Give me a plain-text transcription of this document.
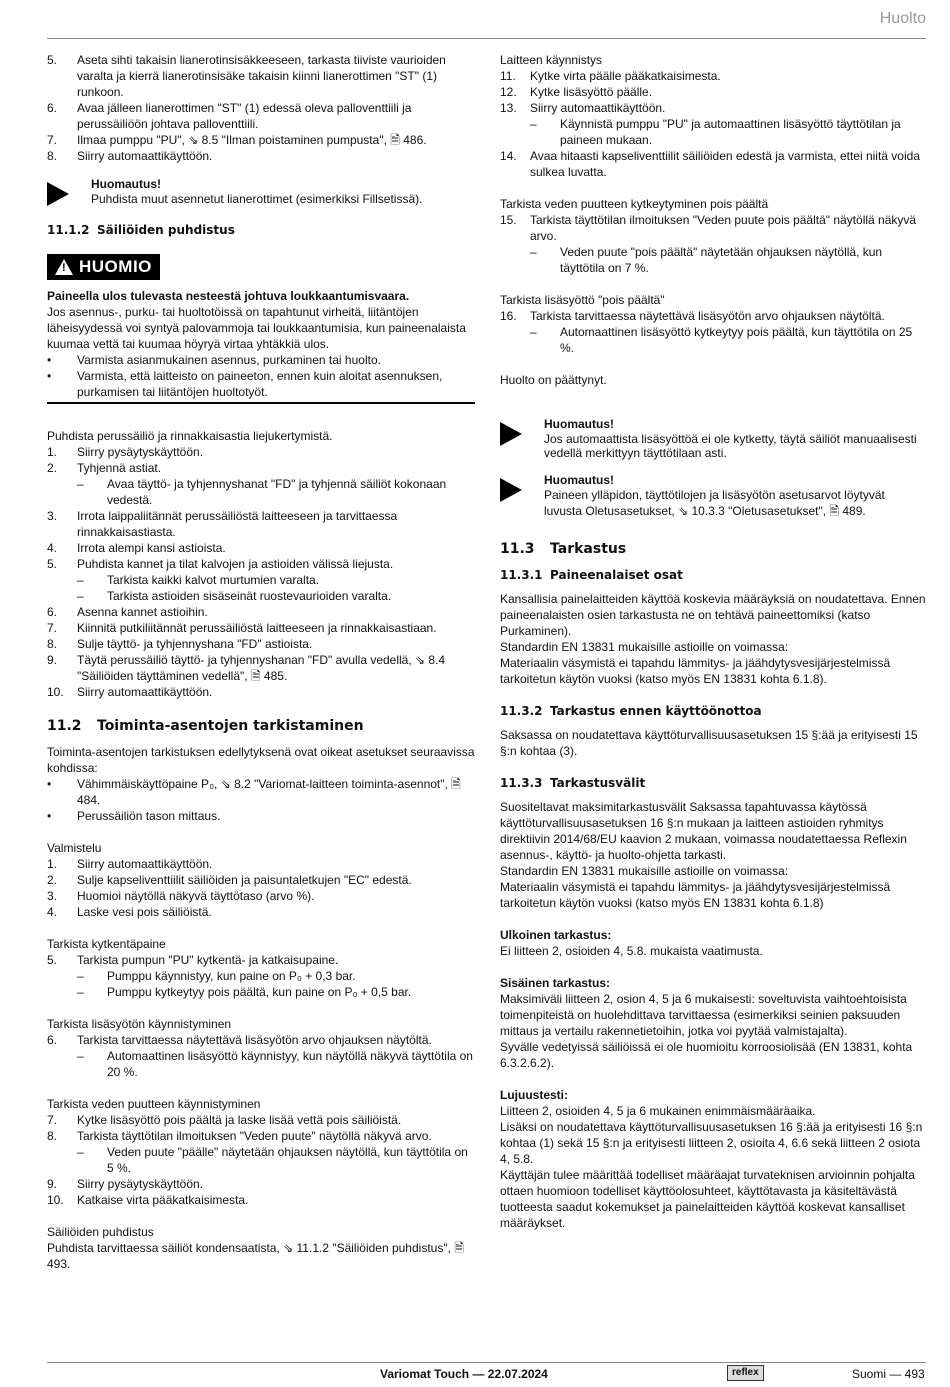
Huolto
5.	Aseta sihti takaisin lianerotinsisäkkeeseen, tarkasta tiiviste vaurioiden varalta ja kierrä lianerotinsisäke takaisin kiinni lianerottimen "ST" (1) runkoon.
6.	Avaa jälleen lianerottimen "ST" (1) edessä oleva palloventtiili ja perussäiliöön johtava palloventtiili.
7.	Ilmaa pumppu "PU", ⇘ 8.5 "Ilman poistaminen pumpusta", 🗎 486.
8.	Siirry automaattikäyttöön.
Huomautus!
Puhdista muut asennetut lianerottimet (esimerkiksi Fillsetissä).
11.1.2 Säiliöiden puhdistus
! HUOMIO

Paineella ulos tulevasta nesteestä johtuva loukkaantumisvaara.

Jos asennus-, purku- tai huoltotöissä on tapahtunut virheitä, liitäntöjen läheisyydessä voi syntyä palovammoja tai loukkaantumisia, kun paineenalaista kuumaa vettä tai kuumaa höyryä virtaa yhtäkkiä ulos.

•	Varmista asianmukainen asennus, purkaminen tai huolto.
•	Varmista, että laitteisto on paineeton, ennen kuin aloitat asennuksen, purkamisen tai liitäntöjen huoltotyöt.

Puhdista perussäiliö ja rinnakkaisastia liejukertymistä.

1.	Siirry pysäytyskäyttöön.
2.	Tyhjennä astiat.
–	Avaa täyttö- ja tyhjennyshanat "FD" ja tyhjennä säiliöt kokonaan vedestä.
3.	Irrota laippaliitännät perussäiliöstä laitteeseen ja tarvittaessa rinnakkaisastiasta.
4.	Irrota alempi kansi astioista.
5.	Puhdista kannet ja tilat kalvojen ja astioiden välissä liejusta.
–	Tarkista kaikki kalvot murtumien varalta.
–	Tarkista astioiden sisäseinät ruostevaurioiden varalta.
6.	Asenna kannet astioihin.
7.	Kiinnitä putkiliitännät perussäiliöstä laitteeseen ja rinnakkaisastiaan.
8.	Sulje täyttö- ja tyhjennyshana "FD" astioista.
9.	Täytä perussäiliö täyttö- ja tyhjennyshanan "FD" avulla vedellä, ⇘ 8.4 "Säiliöiden täyttäminen vedellä", 🗎 485.
10.	Siirry automaattikäyttöön.
11.2 Toiminta-asentojen tarkistaminen

Toiminta-asentojen tarkistuksen edellytyksenä ovat oikeat asetukset seuraavissa kohdissa:

•	Vähimmäiskäyttöpaine P₀, ⇘ 8.2 "Variomat-laitteen toiminta-asennot", 🗎 484.
•	Perussäiliön tason mittaus.

Valmistelu

1.	Siirry automaattikäyttöön.
2.	Sulje kapseliventtiilit säiliöiden ja paisuntaletkujen "EC" edestä.
3.	Huomioi näytöllä näkyvä täyttötaso (arvo %).
4.	Laske vesi pois säiliöistä.

Tarkista kytkentäpaine

5.	Tarkista pumpun "PU" kytkentä- ja katkaisupaine.
–	Pumppu käynnistyy, kun paine on P₀ + 0,3 bar.
–	Pumppu kytkeytyy pois päältä, kun paine on P₀ + 0,5 bar.

Tarkista lisäsyötön käynnistyminen

6.	Tarkista tarvittaessa näytettävä lisäsyötön arvo ohjauksen näytöltä.
–	Automaattinen lisäsyöttö käynnistyy, kun näytöllä näkyvä täyttötila on 20 %.

Tarkista veden puutteen käynnistyminen

7.	Kytke lisäsyöttö pois päältä ja laske lisää vettä pois säiliöistä.
8.	Tarkista täyttötilan ilmoituksen "Veden puute" näytöllä näkyvä arvo.
–	Veden puute "päälle" näytetään ohjauksen näytöllä, kun täyttötila on 5 %.
9.	Siirry pysäytyskäyttöön.
10.	Katkaise virta pääkatkaisimesta.

Säiliöiden puhdistus

Puhdista tarvittaessa säiliöt kondensaatista, ⇘ 11.1.2 "Säiliöiden puhdistus", 🗎 493.

Laitteen käynnistys

11.	Kytke virta päälle pääkatkaisimesta.
12.	Kytke lisäsyöttö päälle.
13.	Siirry automaattikäyttöön.
–	Käynnistä pumppu "PU" ja automaattinen lisäsyöttö täyttötilan ja paineen mukaan.
14.	Avaa hitaasti kapseliventtiilit säiliöiden edestä ja varmista, ettei niitä voida sulkea luvatta.

Tarkista veden puutteen kytkeytyminen pois päältä

15.	Tarkista täyttötilan ilmoituksen "Veden puute pois päältä" näytöllä näkyvä arvo.
–	Veden puute "pois päältä" näytetään ohjauksen näytöllä, kun täyttötila on 7 %.

Tarkista lisäsyöttö "pois päältä"

16.	Tarkista tarvittaessa näytettävä lisäsyötön arvo ohjauksen näytöltä.
–	Automaattinen lisäsyöttö kytkeytyy pois päältä, kun täyttötila on 25 %.

Huolto on päättynyt.

Huomautus!
Jos automaattista lisäsyöttöä ei ole kytketty, täytä säiliöt manuaalisesti vedellä merkittyyn täyttötilaan asti.
Huomautus!
Paineen ylläpidon, täyttötilojen ja lisäsyötön asetusarvot löytyvät luvusta Oletusasetukset, ⇘ 10.3.3 "Oletusasetukset", 🗎 489.
11.3 Tarkastus
11.3.1 Paineenalaiset osat

Kansallisia painelaitteiden käyttöä koskevia määräyksiä on noudatettava. Ennen paineenalaisten osien tarkastusta ne on tehtävä paineettomiksi (katso Purkaminen).

Standardin EN 13831 mukaisille astioille on voimassa:

Materiaalin väsymistä ei tapahdu lämmitys- ja jäähdytysvesijärjestelmissä tarkoitetun käytön vuoksi (katso myös EN 13831 kohta 6.1.8).

11.3.2 Tarkastus ennen käyttöönottoa

Saksassa on noudatettava käyttöturvallisuusasetuksen 15 §:ää ja erityisesti 15 §:n kohtaa (3).

11.3.3 Tarkastusvälit

Suositeltavat maksimitarkastusvälit Saksassa tapahtuvassa käytössä käyttöturvallisuusasetuksen 16 §:n mukaan ja laitteen astioiden ryhmitys direktiivin 2014/68/EU kaavion 2 mukaan, voimassa noudatettaessa Reflexin asennus-, käyttö- ja huolto-ohjetta tarkasti.

Standardin EN 13831 mukaisille astioille on voimassa:

Materiaalin väsymistä ei tapahdu lämmitys- ja jäähdytysvesijärjestelmissä tarkoitetun käytön vuoksi (katso myös EN 13831 kohta 6.1.8)

Ulkoinen tarkastus:

Ei liitteen 2, osioiden 4, 5.8. mukaista vaatimusta.

Sisäinen tarkastus:

Maksimiväli liitteen 2, osion 4, 5 ja 6 mukaisesti: soveltuvista vaihtoehtoisista toimenpiteistä on huolehdittava tarvittaessa (esimerkiksi seinien paksuuden mittaus ja vertailu rakennetietoihin, jotka voi pyytää valmistajalta).

Syvälle vedetyissä säiliöissä ei ole huomioitu korroosiolisää (EN 13831, kohta 6.3.2.6.2).

Lujuustesti:

Liitteen 2, osioiden 4, 5 ja 6 mukainen enimmäismääräaika.

Lisäksi on noudatettava käyttöturvallisuusasetuksen 16 §:ää ja erityisesti 16 §:n kohtaa (1) sekä 15 §:n ja erityisesti liitteen 2, osioita 4, 6.6 sekä liitteen 2 osiota 4, 5.8.

Käyttäjän tulee määrittää todelliset määräajat turvateknisen arvioinnin pohjalta ottaen huomioon todelliset käyttöolosuhteet, käyttötavasta ja käsiteltävästä tuotteesta saadut kokemukset ja painelaitteiden käyttöä koskevat kansalliset määräykset.

Variomat Touch — 22.07.2024	reflex	Suomi — 493
